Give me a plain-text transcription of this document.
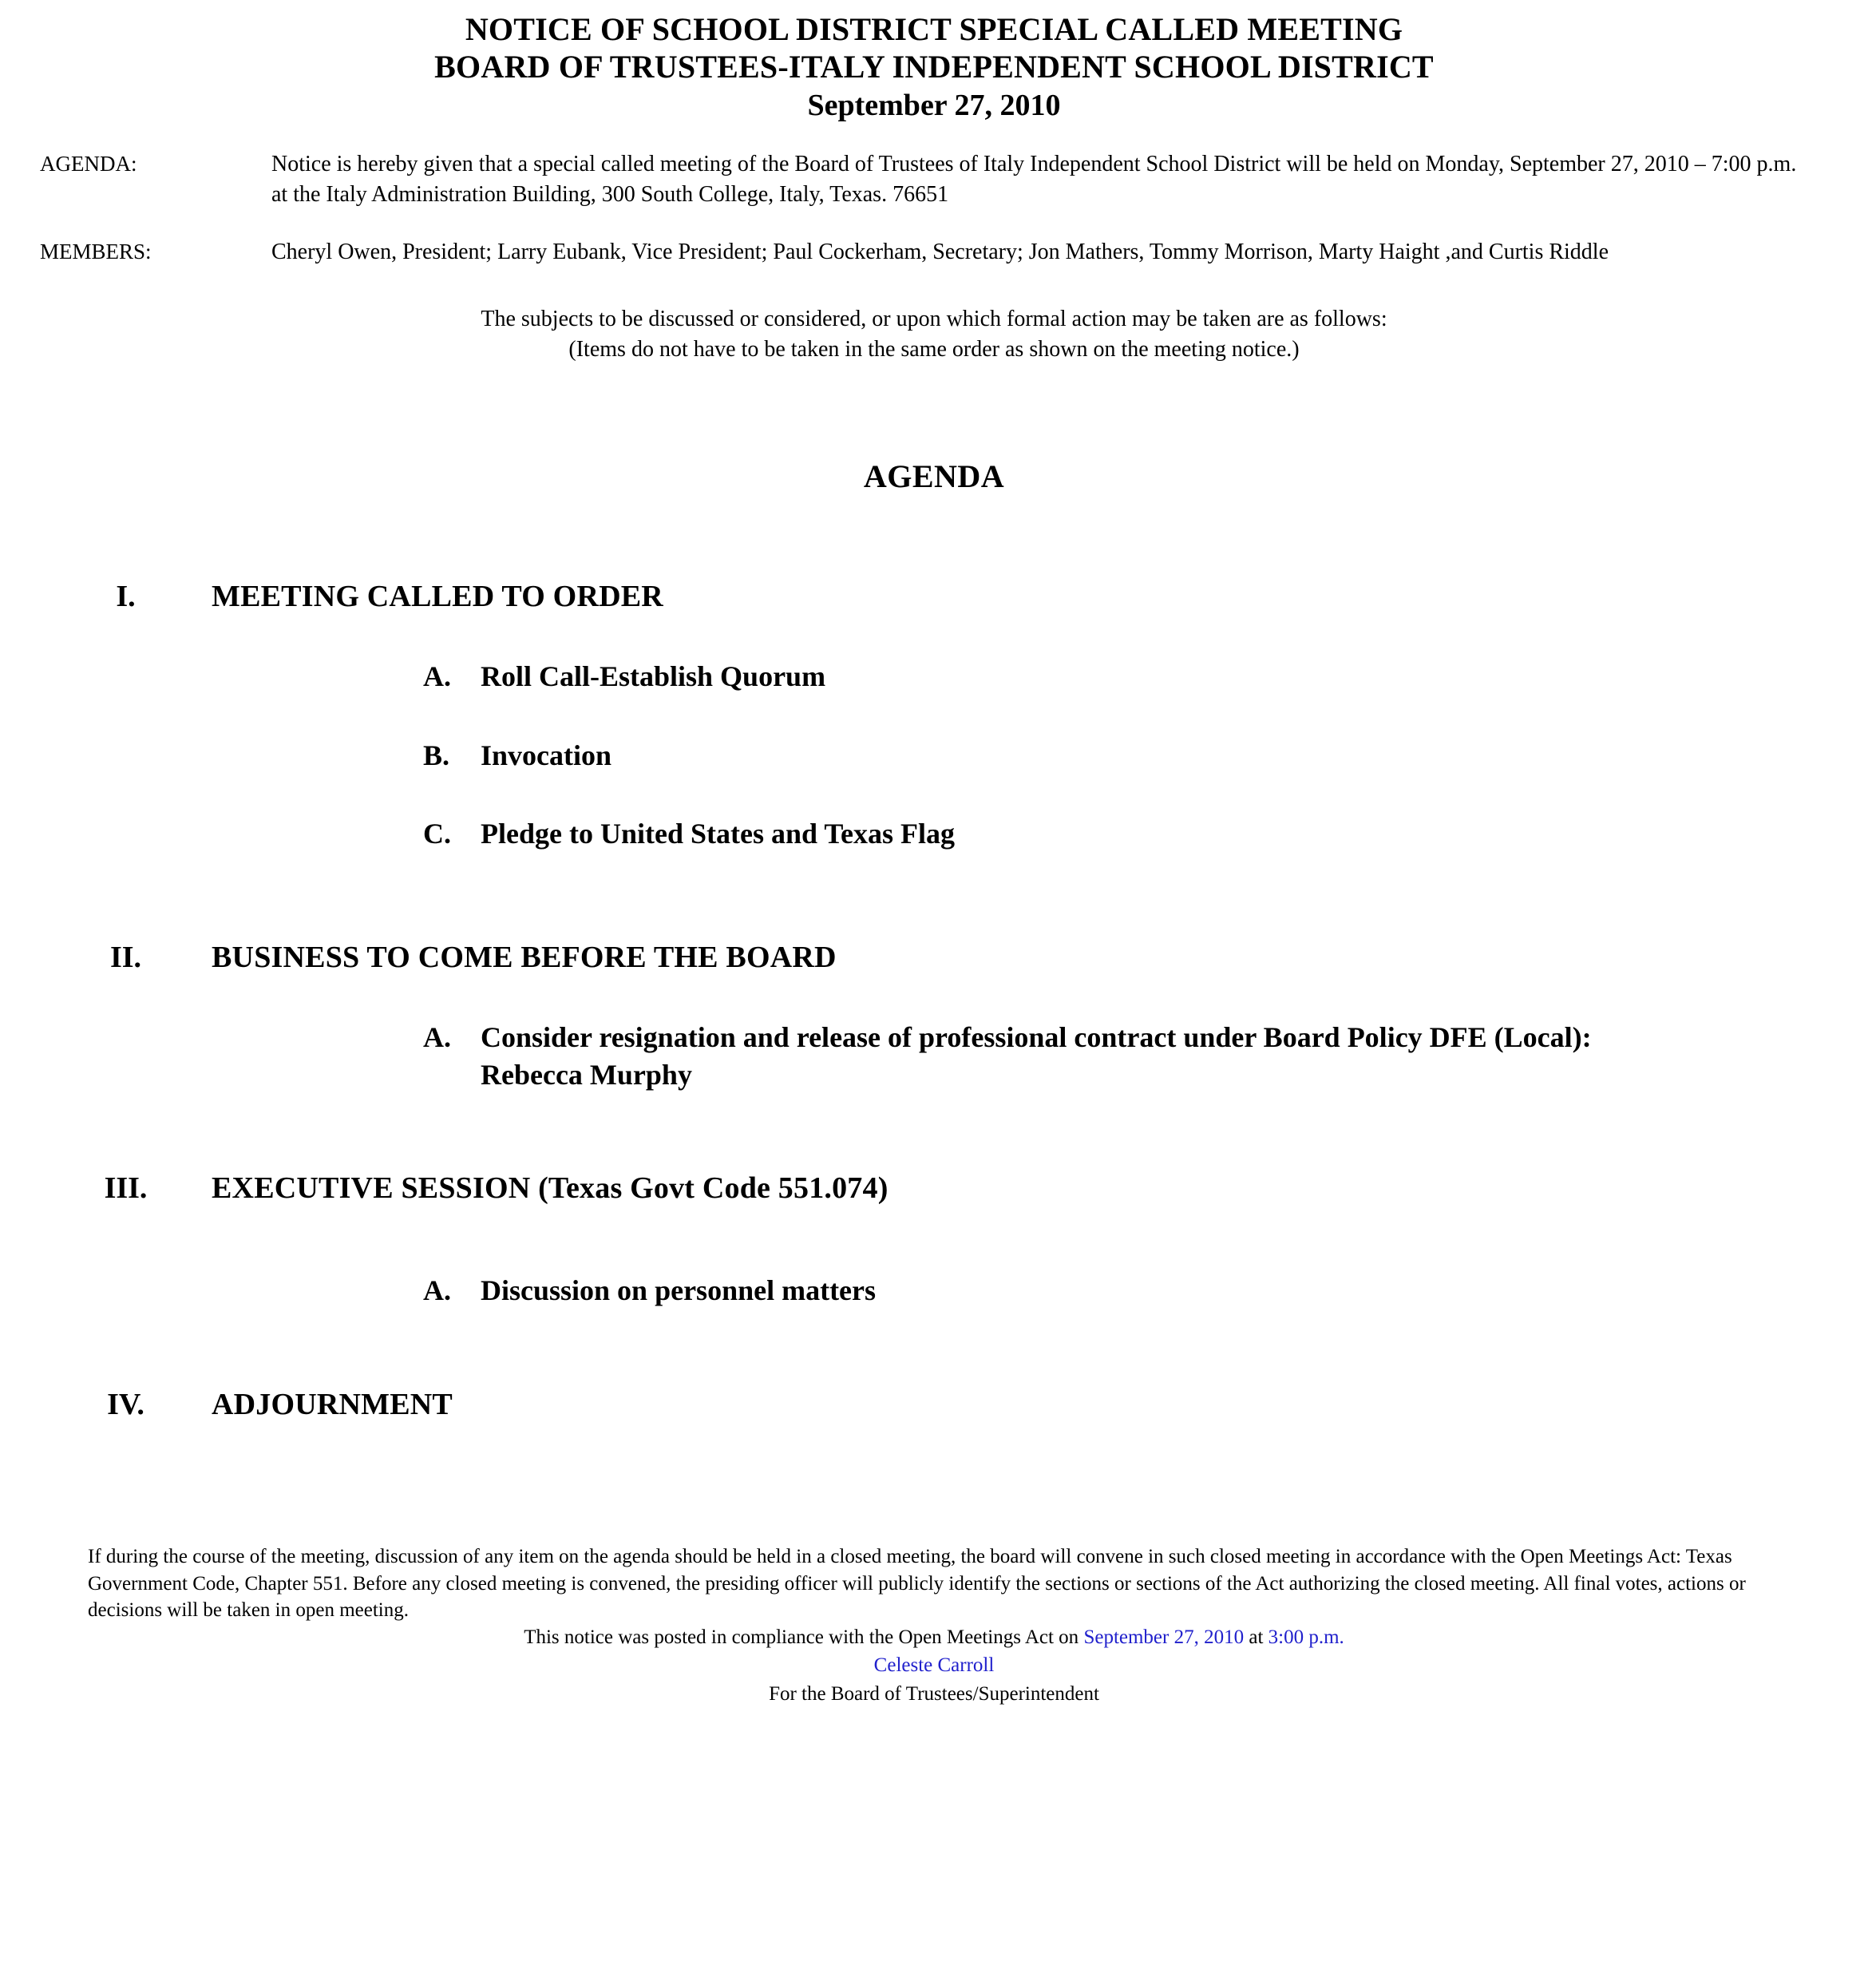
NOTICE OF SCHOOL DISTRICT SPECIAL CALLED MEETING
BOARD OF TRUSTEES-ITALY INDEPENDENT SCHOOL DISTRICT
September 27, 2010
AGENDA:	Notice is hereby given that a special called meeting of the Board of Trustees of Italy Independent School District will be held on Monday, September 27, 2010 – 7:00 p.m. at the Italy Administration Building, 300 South College, Italy, Texas. 76651
MEMBERS:	Cheryl Owen, President; Larry Eubank, Vice President; Paul Cockerham, Secretary; Jon Mathers, Tommy Morrison, Marty Haight ,and Curtis Riddle
The subjects to be discussed or considered, or upon which formal action may be taken are as follows:
(Items do not have to be taken in the same order as shown on the meeting notice.)
AGENDA
I.	MEETING CALLED TO ORDER
A.	Roll Call-Establish Quorum
B.	Invocation
C.	Pledge to United States and Texas Flag
II.	BUSINESS TO COME BEFORE THE BOARD
A.	Consider resignation and release of professional contract under Board Policy DFE (Local): Rebecca Murphy
III.	EXECUTIVE SESSION (Texas Govt Code 551.074)
A.	Discussion on personnel matters
IV.	ADJOURNMENT
If during the course of the meeting, discussion of any item on the agenda should be held in a closed meeting, the board will convene in such closed meeting in accordance with the Open Meetings Act: Texas Government Code, Chapter 551. Before any closed meeting is convened, the presiding officer will publicly identify the sections or sections of the Act authorizing the closed meeting. All final votes, actions or decisions will be taken in open meeting.
This notice was posted in compliance with the Open Meetings Act on September 27, 2010 at 3:00 p.m.
Celeste Carroll
For the Board of Trustees/Superintendent
